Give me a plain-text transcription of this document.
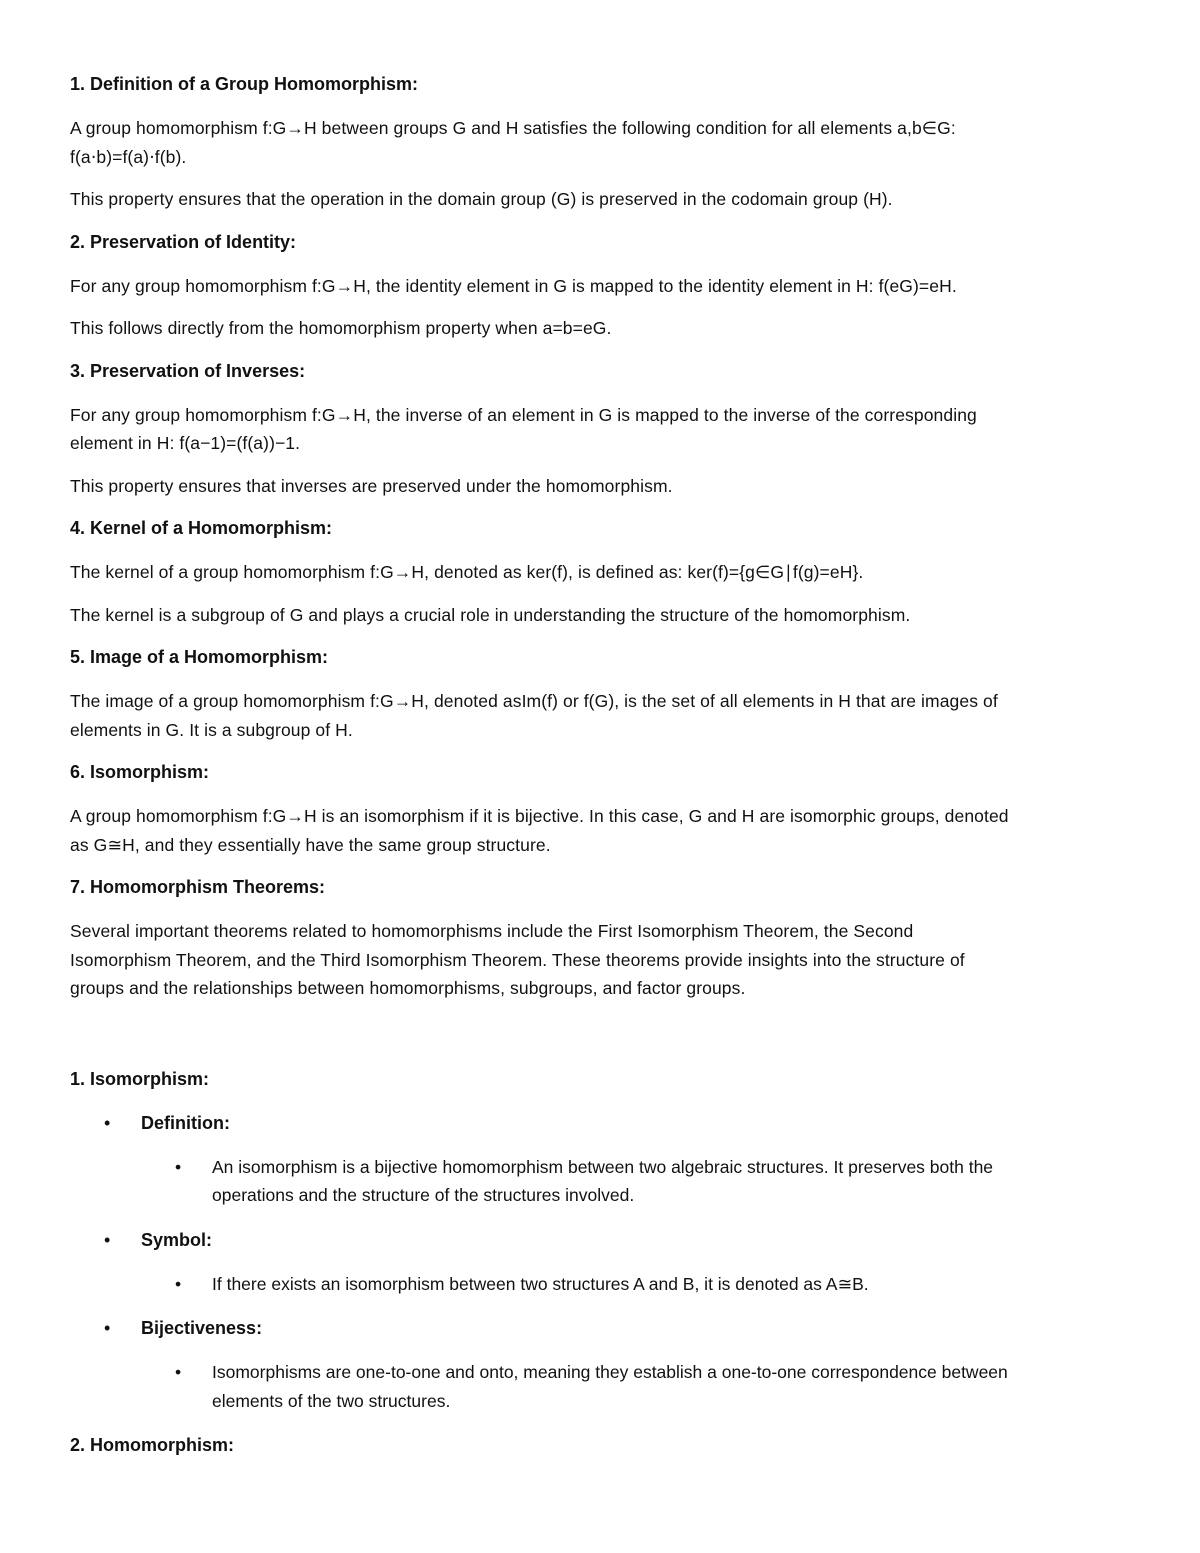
1. Definition of a Group Homomorphism:
A group homomorphism f:G→H between groups G and H satisfies the following condition for all elements a,b∈G:
f(a⋅b)=f(a)⋅f(b).
This property ensures that the operation in the domain group (G) is preserved in the codomain group (H).
2. Preservation of Identity:
For any group homomorphism f:G→H, the identity element in G is mapped to the identity element in H: f(eG)=eH.
This follows directly from the homomorphism property when a=b=eG.
3. Preservation of Inverses:
For any group homomorphism f:G→H, the inverse of an element in G is mapped to the inverse of the corresponding
element in H: f(a−1)=(f(a))−1.
This property ensures that inverses are preserved under the homomorphism.
4. Kernel of a Homomorphism:
The kernel of a group homomorphism f:G→H, denoted as ker(f), is defined as: ker(f)={g∈G∣f(g)=eH}.
The kernel is a subgroup of G and plays a crucial role in understanding the structure of the homomorphism.
5. Image of a Homomorphism:
The image of a group homomorphism f:G→H, denoted asIm(f) or f(G), is the set of all elements in H that are images of
elements in G. It is a subgroup of H.
6. Isomorphism:
A group homomorphism f:G→H is an isomorphism if it is bijective. In this case, G and H are isomorphic groups, denoted
as G≅H, and they essentially have the same group structure.
7. Homomorphism Theorems:
Several important theorems related to homomorphisms include the First Isomorphism Theorem, the Second
Isomorphism Theorem, and the Third Isomorphism Theorem. These theorems provide insights into the structure of
groups and the relationships between homomorphisms, subgroups, and factor groups.
1. Isomorphism:
• Definition:
• An isomorphism is a bijective homomorphism between two algebraic structures. It preserves both the
operations and the structure of the structures involved.
• Symbol:
• If there exists an isomorphism between two structures A and B, it is denoted as A≅B.
• Bijectiveness:
• Isomorphisms are one-to-one and onto, meaning they establish a one-to-one correspondence between
elements of the two structures.
2. Homomorphism:
